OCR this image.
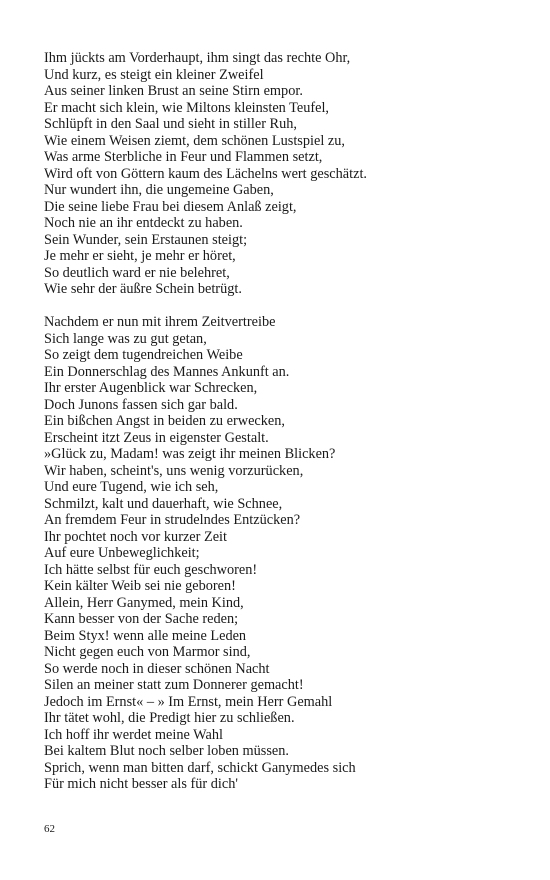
Ihm jückts am Vorderhaupt, ihm singt das rechte Ohr,
Und kurz, es steigt ein kleiner Zweifel
Aus seiner linken Brust an seine Stirn empor.
Er macht sich klein, wie Miltons kleinsten Teufel,
Schlüpft in den Saal und sieht in stiller Ruh,
Wie einem Weisen ziemt, dem schönen Lustspiel zu,
Was arme Sterbliche in Feur und Flammen setzt,
Wird oft von Göttern kaum des Lächelns wert geschätzt.
Nur wundert ihn, die ungemeine Gaben,
Die seine liebe Frau bei diesem Anlaß zeigt,
Noch nie an ihr entdeckt zu haben.
Sein Wunder, sein Erstaunen steigt;
Je mehr er sieht, je mehr er höret,
So deutlich ward er nie belehret,
Wie sehr der äußre Schein betrügt.
Nachdem er nun mit ihrem Zeitvertreibe
Sich lange was zu gut getan,
So zeigt dem tugendreichen Weibe
Ein Donnerschlag des Mannes Ankunft an.
Ihr erster Augenblick war Schrecken,
Doch Junons fassen sich gar bald.
Ein bißchen Angst in beiden zu erwecken,
Erscheint itzt Zeus in eigenster Gestalt.
»Glück zu, Madam! was zeigt ihr meinen Blicken?
Wir haben, scheint's, uns wenig vorzurücken,
Und eure Tugend, wie ich seh,
Schmilzt, kalt und dauerhaft, wie Schnee,
An fremdem Feur in strudelndes Entzücken?
Ihr pochtet noch vor kurzer Zeit
Auf eure Unbeweglichkeit;
Ich hätte selbst für euch geschworen!
Kein kälter Weib sei nie geboren!
Allein, Herr Ganymed, mein Kind,
Kann besser von der Sache reden;
Beim Styx! wenn alle meine Leden
Nicht gegen euch von Marmor sind,
So werde noch in dieser schönen Nacht
Silen an meiner statt zum Donnerer gemacht!
Jedoch im Ernst« – » Im Ernst, mein Herr Gemahl
Ihr tätet wohl, die Predigt hier zu schließen.
Ich hoff ihr werdet meine Wahl
Bei kaltem Blut noch selber loben müssen.
Sprich, wenn man bitten darf, schickt Ganymedes sich
Für mich nicht besser als für dich'
62
